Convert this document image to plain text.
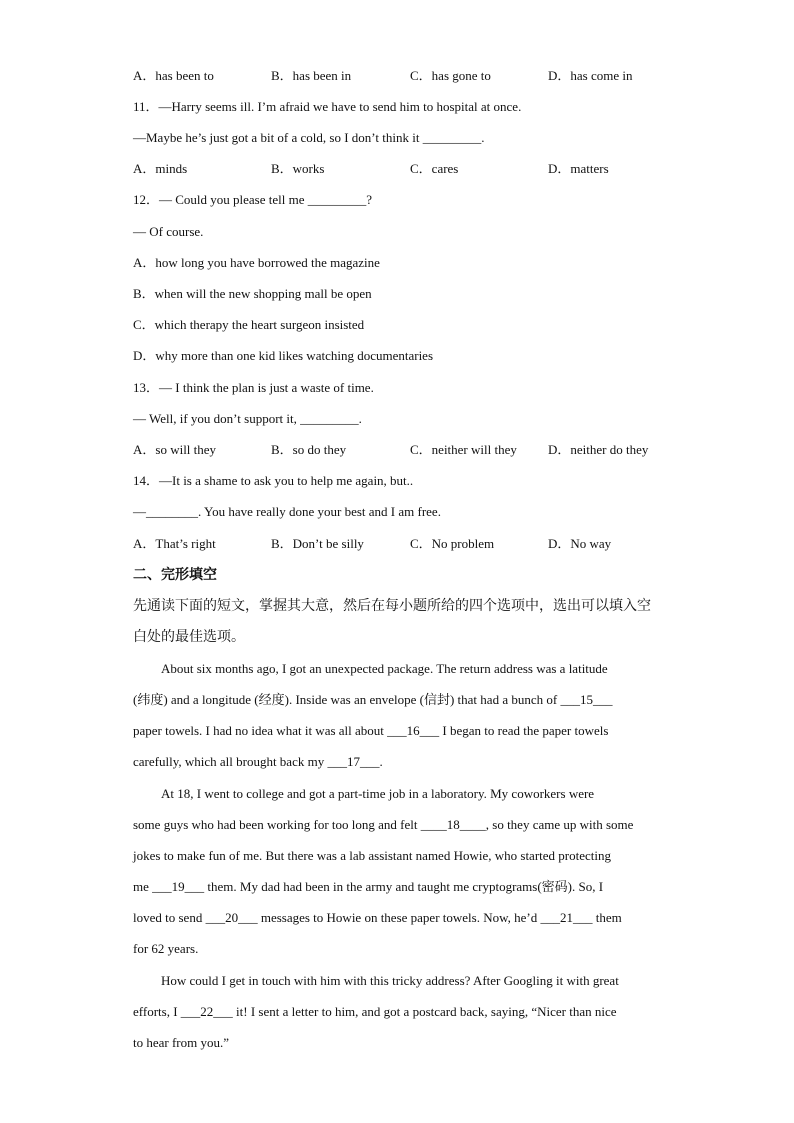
A．has been to	B．has been in	C．has gone to	D．has come in
11．—Harry seems ill. I’m afraid we have to send him to hospital at once.
—Maybe he’s just got a bit of a cold, so I don’t think it _________.
A．minds	B．works	C．cares	D．matters
12．— Could you please tell me _________?
— Of course.
A．how long you have borrowed the magazine
B．when will the new shopping mall be open
C．which therapy the heart surgeon insisted
D．why more than one kid likes watching documentaries
13．— I think the plan is just a waste of time.
— Well, if you don’t support it, _________.
A．so will they	B．so do they	C．neither will they D．neither do they
14．—It is a shame to ask you to help me again, but..
—________. You have really done your best and I am free.
A．That’s right	B．Don’t be silly	C．No problem	D．No way
二、完形填空
先通读下面的短文，掌握其大意，然后在每小题所给的四个选项中，选出可以填入空
白处的最佳选项。
About six months ago, I got an unexpected package. The return address was a latitude
(纬度) and a longitude (经度). Inside was an envelope (信封) that had a bunch of ___15___
paper towels. I had no idea what it was all about ___16___ I began to read the paper towels
carefully, which all brought back my ___17___.
At 18, I went to college and got a part-time job in a laboratory. My coworkers were
some guys who had been working for too long and felt ____18____, so they came up with some
jokes to make fun of me. But there was a lab assistant named Howie, who started protecting
me ___19___ them. My dad had been in the army and taught me cryptograms(密码). So, I
loved to send ___20___ messages to Howie on these paper towels. Now, he’d ___21___ them
for 62 years.
How could I get in touch with him with this tricky address? After Googling it with great
efforts, I ___22___ it! I sent a letter to him, and got a postcard back, saying, “Nicer than nice
to hear from you.”
